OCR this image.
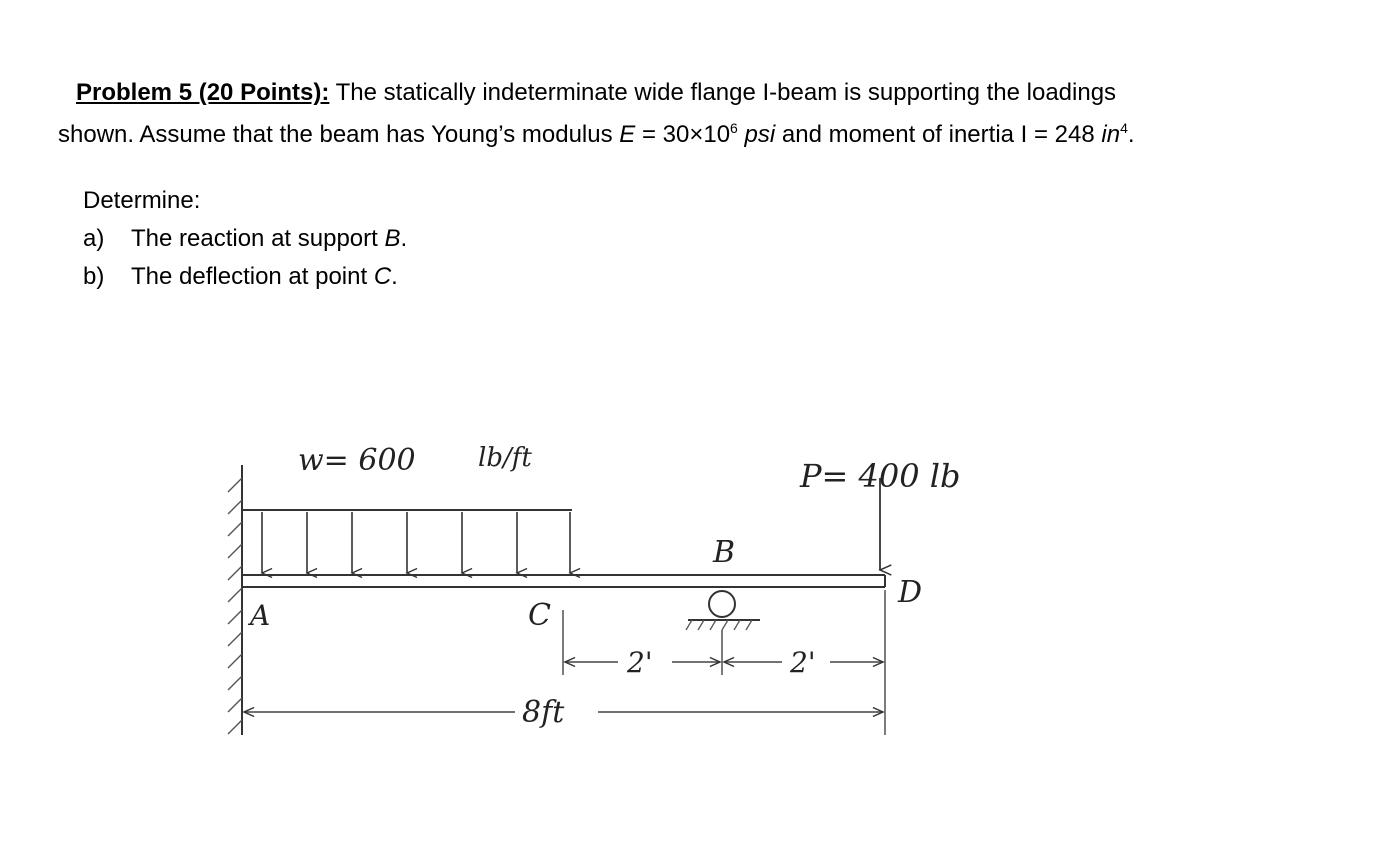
Problem 5 (20 Points): The statically indeterminate wide flange I-beam is supporting the loadings
shown. Assume that the beam has Young’s modulus $E = 30\times 10^6$ psi and moment of inertia I = 248 $in^4$.
Determine:
a)	The reaction at support B.
b)	The deflection at point C.
w= 600 lb/ft	P= 400 lb
A
B
C
D
2'	2'
8ft
